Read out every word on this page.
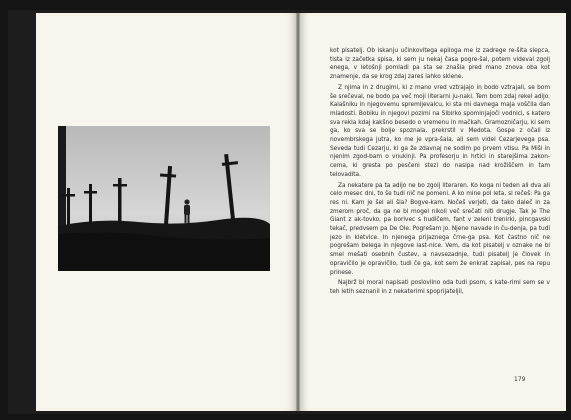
kot pisatelj. Ob iskanju učinkovitega epiloga me iz zadrege re-šita slepca, tista iz začetka spisa, ki sem ju nekaj časa pogre-šal, potem videval zgolj enega, v letošnji pomladi pa sta se znašla pred mano znova oba kot znamenje, da se krog zdaj zares lahko sklene.

Z njima in z drugimi, ki z mano vred vztrajajo in bodo vztrajali, se bom še srečeval, ne bodo pa več moji literarni ju-naki. Tem bom zdaj rekel adijo. Kalašniku in njegovemu spremljevalcu, ki sta mi davnega maja voščila dan mladosti. Bobiku in njegovi pozimi na Sibirko spominjajoči vodnici, s katero sva rekla kdaj kakšno besedo o vremenu in mačkah. Gramozničarju, ki sem ga, ko sva se bolje spoznala, prekrstil v Medota. Gospe z očali iz novembrskega jutra, ko me je vpra-šala, ali sem videl Cezarjevega psa. Seveda tudi Cezarju, ki ga že zdavnaj ne sodim po prvem vtisu. Pa Miši in njenim zgod-bam o vnukinji. Pa profesorju in hrtici in starejšima zakon-cema, ki gresta po pesčeni stezi do nasipa nad krožiščem in tam telovadita.

Za nekatere pa ta adijo ne bo zgolj literaren. Ko koga ni teden ali dva ali celo mesec dni, to še tudi nič ne pomeni. A ko mine pol leta, si rečeš: Pa ga res ni. Kam je šel ali šla? Bogve-kam. Nočeš verjeti, da tako daleč in za zmerom proč, da ga ne bi mogel nikoli več srečati niti drugje. Tak je The Giant z ak-tovko, pa borivec s hudičem, fant v zeleni trenirki, pincgavski tekač, predvsem pa De Ole. Pogrešam jo. Njene navade in ču-denja, pa tudi jezo in kletvice. In njenega prijaznega črne-ga psa. Kot častno nič ne pogrešam belega in njegove last-nice. Vem, da kot pisatelj v oznake ne bi smel mešati osebnih čustev, a navsezadnje, tudi pisatelj je človek in opravičilo je opravičilo, tudi če ga, kot sem že enkrat zapisal, pes na repu prinese.

Najbrž bi moral napisati poslovilno oda tudi psom, s kate-rimi sem se v teh letih seznanil in z nekaterimi spoprijateljil,

179
